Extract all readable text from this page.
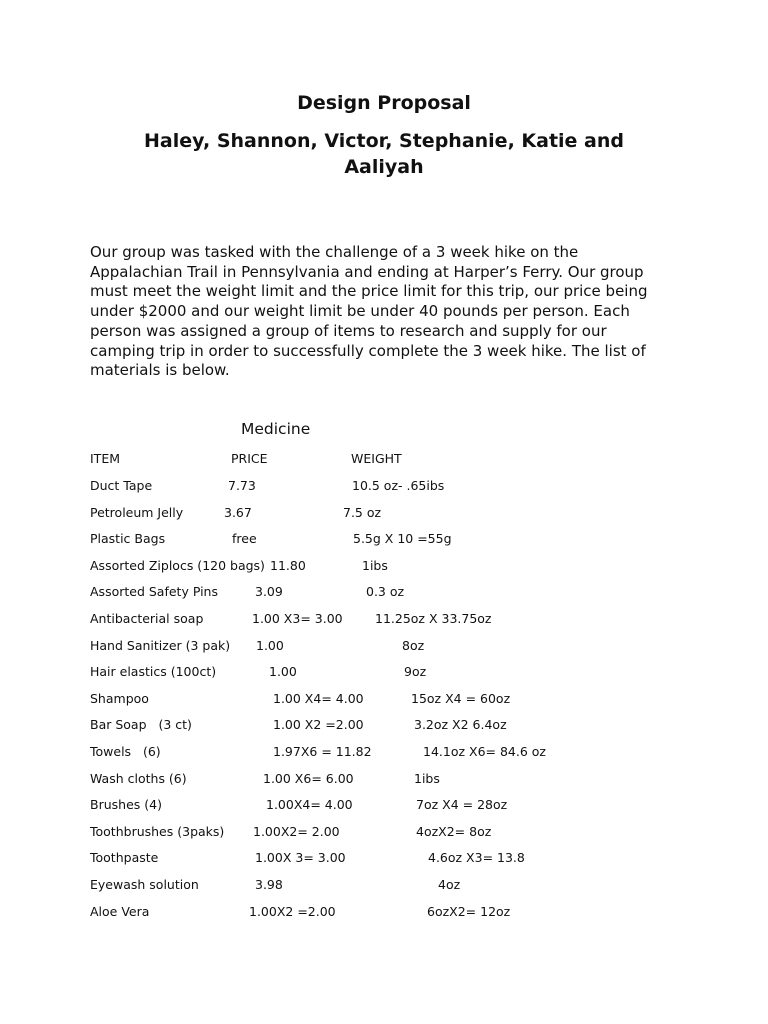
Design Proposal
Haley, Shannon, Victor, Stephanie, Katie and Aaliyah
Our group was tasked with the challenge of a 3 week hike on the Appalachian Trail in Pennsylvania and ending at Harper’s Ferry. Our group must meet the weight limit and the price limit for this trip, our price being under $2000 and our weight limit be under 40 pounds per person. Each person was assigned a group of items to research and supply for our camping trip in order to successfully complete the 3 week hike. The list of materials is below.
Medicine
ITEM	PRICE	WEIGHT
Duct Tape	7.73	10.5 oz- .65ibs
Petroleum Jelly	3.67	7.5 oz
Plastic Bags	free	5.5g X 10 =55g
Assorted Ziplocs (120 bags) 11.80	1ibs
Assorted Safety Pins	3.09	0.3 oz
Antibacterial soap	1.00 X3= 3.00	11.25oz X 33.75oz
Hand Sanitizer (3 pak) 1.00	8oz
Hair elastics (100ct)	1.00	9oz
Shampoo	1.00 X4= 4.00	15oz X4 = 60oz
Bar Soap   (3 ct)	1.00 X2 =2.00	3.2oz X2 6.4oz
Towels   (6)	1.97X6 = 11.82	14.1oz X6= 84.6 oz
Wash cloths (6)	1.00 X6= 6.00	1ibs
Brushes (4)	1.00X4= 4.00	7oz X4 = 28oz
Toothbrushes (3paks) 1.00X2= 2.00	4ozX2= 8oz
Toothpaste	1.00X 3= 3.00	4.6oz X3= 13.8
Eyewash solution	3.98	4oz
Aloe Vera	1.00X2 =2.00	6ozX2= 12oz
